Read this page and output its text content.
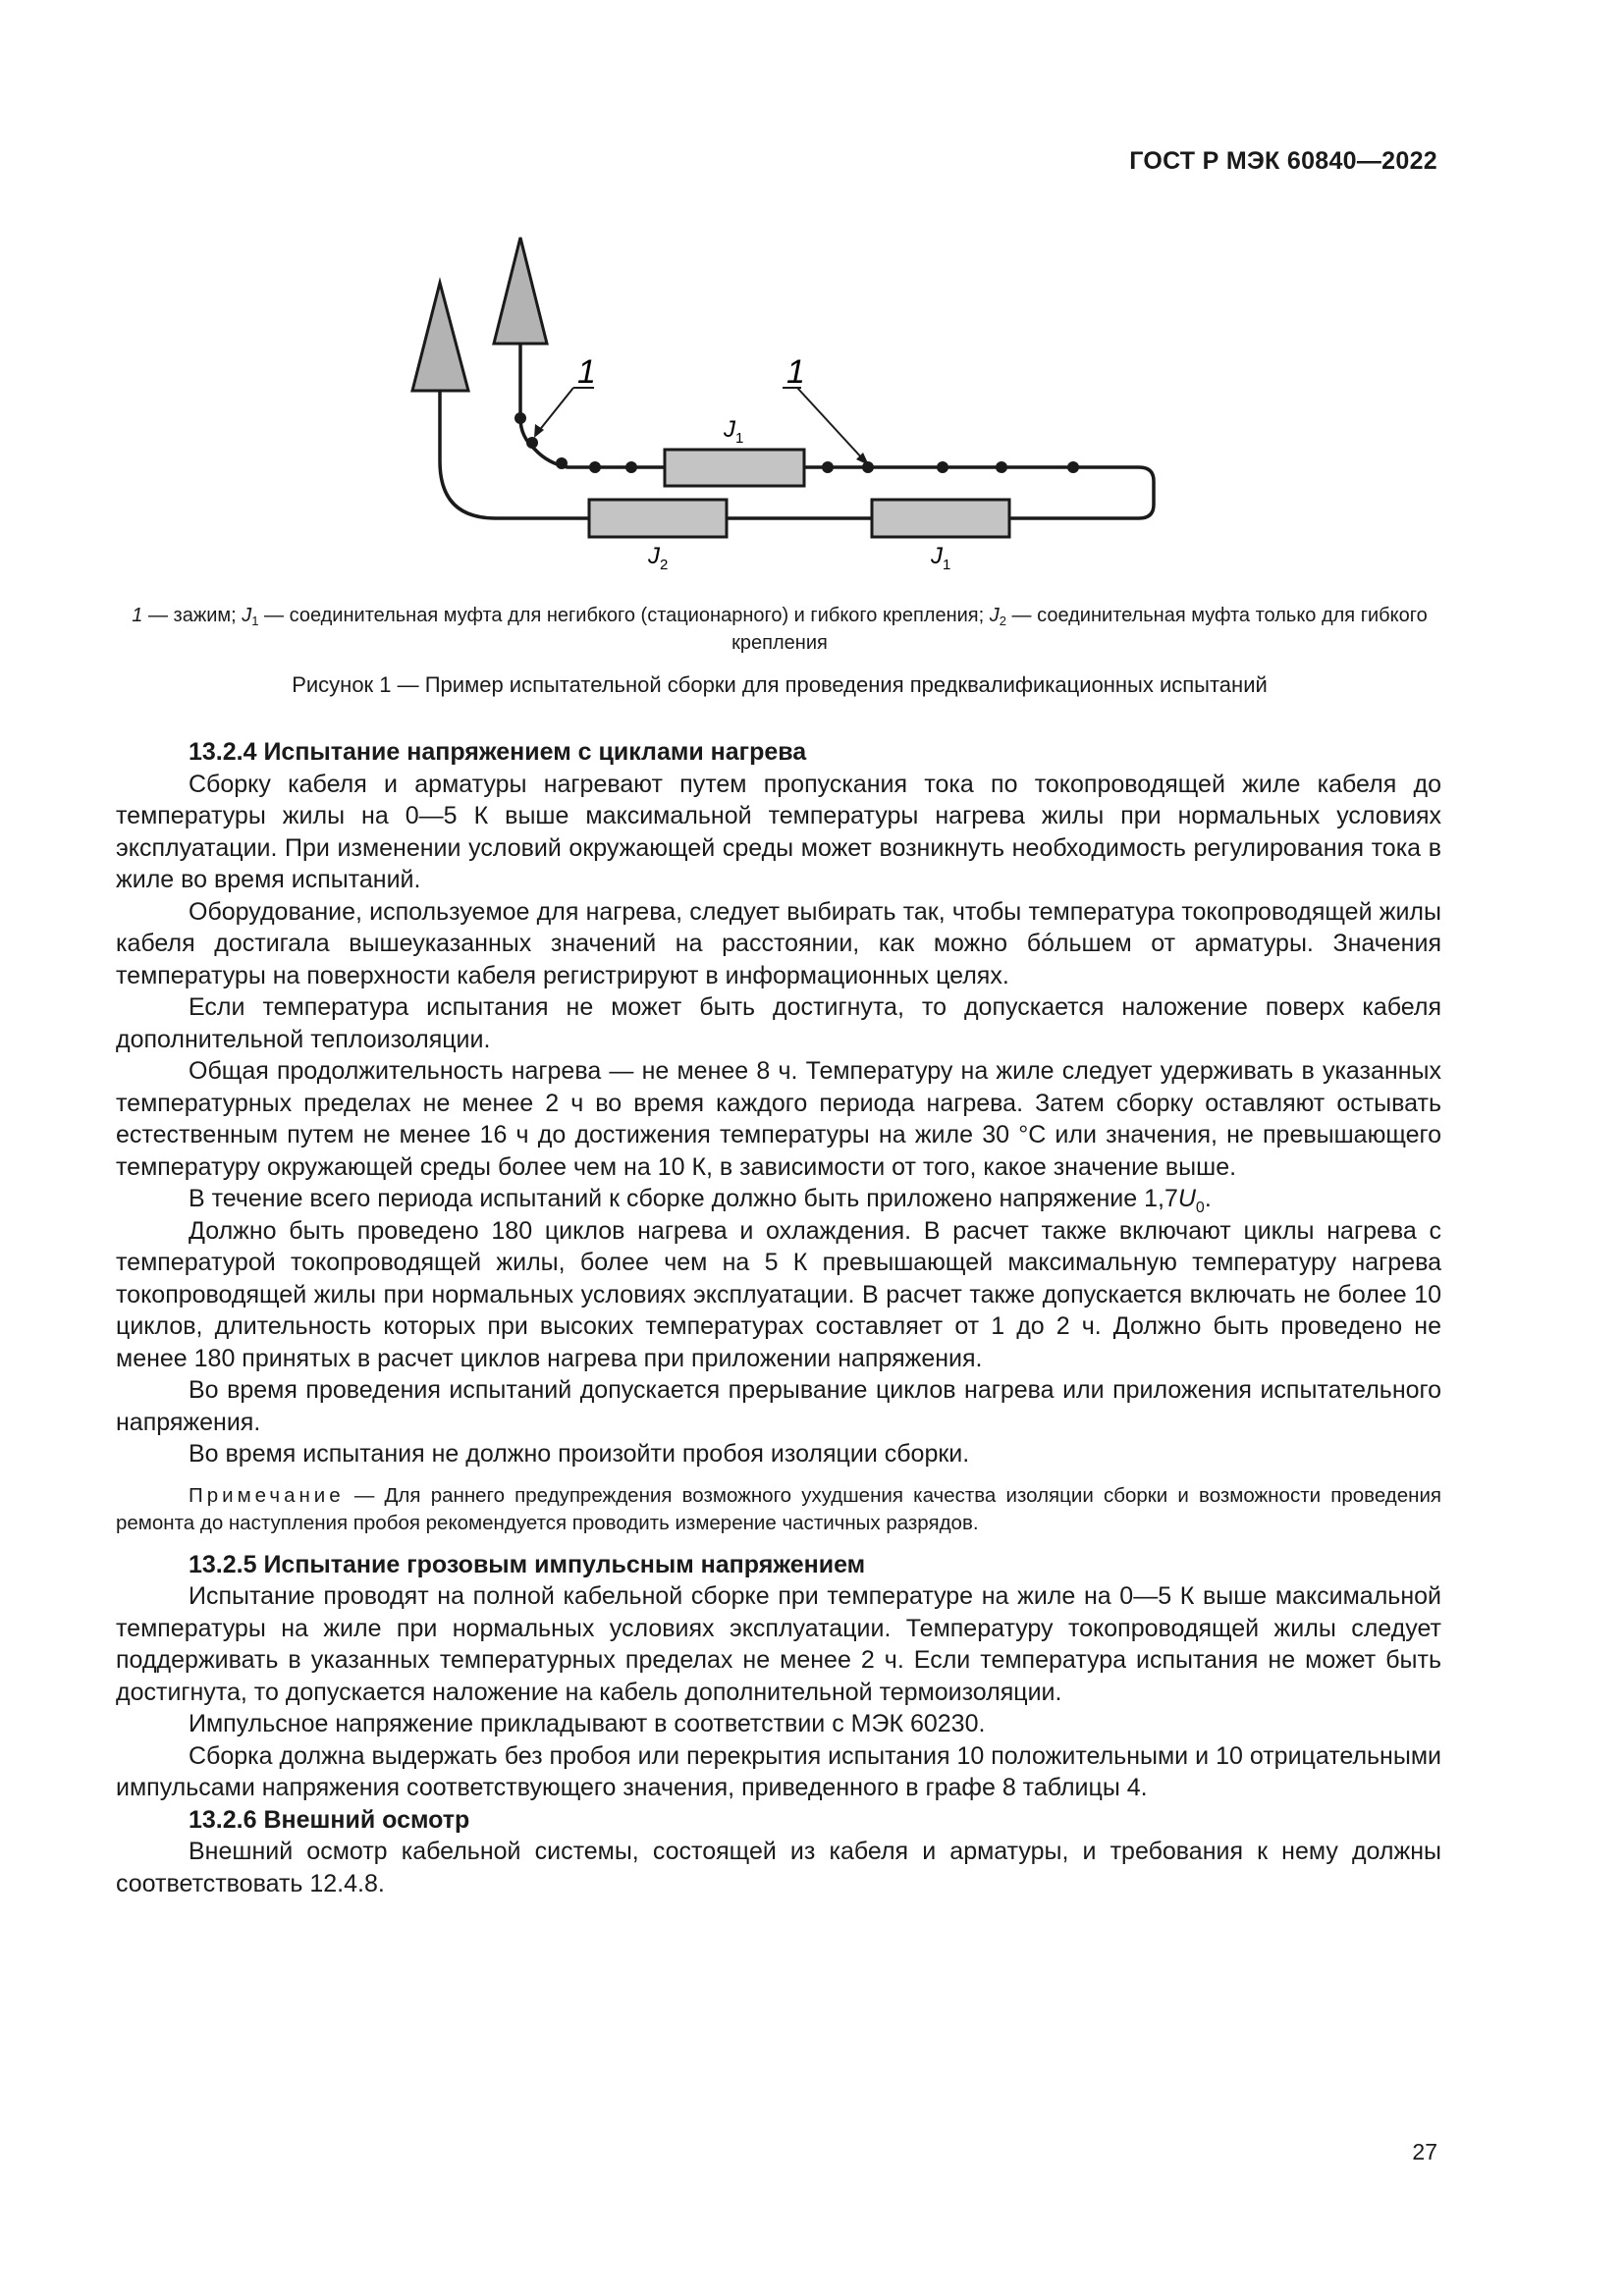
ГОСТ Р МЭК 60840—2022
1	1
$J_1$
$J_2$	$J_1$
1 — зажим; $J_1$ — соединительная муфта для негибкого (стационарного) и гибкого крепления; $J_2$ — соединительная муфта только для гибкого крепления
Рисунок 1 — Пример испытательной сборки для проведения предквалификационных испытаний

13.2.4 Испытание напряжением с циклами нагрева

Сборку кабеля и арматуры нагревают путем пропускания тока по токопроводящей жиле кабеля до температуры жилы на 0—5 К выше максимальной температуры нагрева жилы при нормальных условиях эксплуатации. При изменении условий окружающей среды может возникнуть необходимость регулирования тока в жиле во время испытаний.

Оборудование, используемое для нагрева, следует выбирать так, чтобы температура токопроводящей жилы кабеля достигала вышеуказанных значений на расстоянии, как можно бóльшем от арматуры. Значения температуры на поверхности кабеля регистрируют в информационных целях.

Если температура испытания не может быть достигнута, то допускается наложение поверх кабеля дополнительной теплоизоляции.

Общая продолжительность нагрева — не менее 8 ч. Температуру на жиле следует удерживать в указанных температурных пределах не менее 2 ч во время каждого периода нагрева. Затем сборку оставляют остывать естественным путем не менее 16 ч до достижения температуры на жиле 30 °С или значения, не превышающего температуру окружающей среды более чем на 10 К, в зависимости от того, какое значение выше.

В течение всего периода испытаний к сборке должно быть приложено напряжение $1,7U_0$.

Должно быть проведено 180 циклов нагрева и охлаждения. В расчет также включают циклы нагрева с температурой токопроводящей жилы, более чем на 5 К превышающей максимальную температуру нагрева токопроводящей жилы при нормальных условиях эксплуатации. В расчет также допускается включать не более 10 циклов, длительность которых при высоких температурах составляет от 1 до 2 ч. Должно быть проведено не менее 180 принятых в расчет циклов нагрева при приложении напряжения.

Во время проведения испытаний допускается прерывание циклов нагрева или приложения испытательного напряжения.

Во время испытания не должно произойти пробоя изоляции сборки.

Примечание — Для раннего предупреждения возможного ухудшения качества изоляции сборки и возможности проведения ремонта до наступления пробоя рекомендуется проводить измерение частичных разрядов.

13.2.5 Испытание грозовым импульсным напряжением

Испытание проводят на полной кабельной сборке при температуре на жиле на 0—5 К выше максимальной температуры на жиле при нормальных условиях эксплуатации. Температуру токопроводящей жилы следует поддерживать в указанных температурных пределах не менее 2 ч. Если температура испытания не может быть достигнута, то допускается наложение на кабель дополнительной термоизоляции.

Импульсное напряжение прикладывают в соответствии с МЭК 60230.

Сборка должна выдержать без пробоя или перекрытия испытания 10 положительными и 10 отрицательными импульсами напряжения соответствующего значения, приведенного в графе 8 таблицы 4.

13.2.6 Внешний осмотр

Внешний осмотр кабельной системы, состоящей из кабеля и арматуры, и требования к нему должны соответствовать 12.4.8.

27
